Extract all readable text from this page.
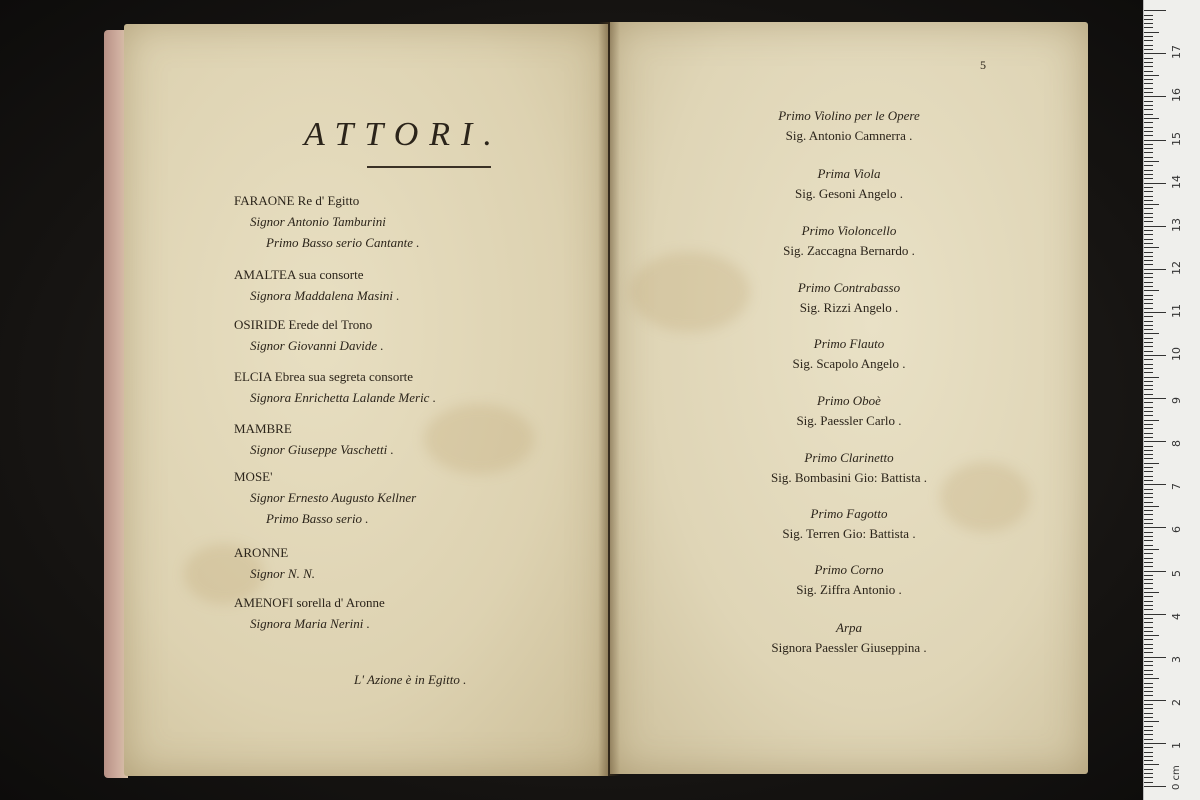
ATTORI.
FARAONE Re d' Egitto
Signor Antonio Tamburini
Primo Basso serio Cantante .
AMALTEA sua consorte
Signora Maddalena Masini .
OSIRIDE Erede del Trono
Signor Giovanni Davide .
ELCIA Ebrea sua segreta consorte
Signora Enrichetta Lalande Meric .
MAMBRE
Signor Giuseppe Vaschetti .
MOSE'
Signor Ernesto Augusto Kellner
Primo Basso serio .
ARONNE
Signor N. N.
AMENOFI sorella d' Aronne
Signora Maria Nerini .
L' Azione è in Egitto .
5
Primo Violino per le Opere
Sig. Antonio Camnerra .
Prima Viola
Sig. Gesoni Angelo .
Primo Violoncello
Sig. Zaccagna Bernardo .
Primo Contrabasso
Sig. Rizzi Angelo .
Primo Flauto
Sig. Scapolo Angelo .
Primo Oboè
Sig. Paessler Carlo .
Primo Clarinetto
Sig. Bombasini Gio: Battista .
Primo Fagotto
Sig. Terren Gio: Battista .
Primo Corno
Sig. Ziffra Antonio .
Arpa
Signora Paessler Giuseppina .
0 cm
1
2
3
4
5
6
7
8
9
10
11
12
13
14
15
16
17
